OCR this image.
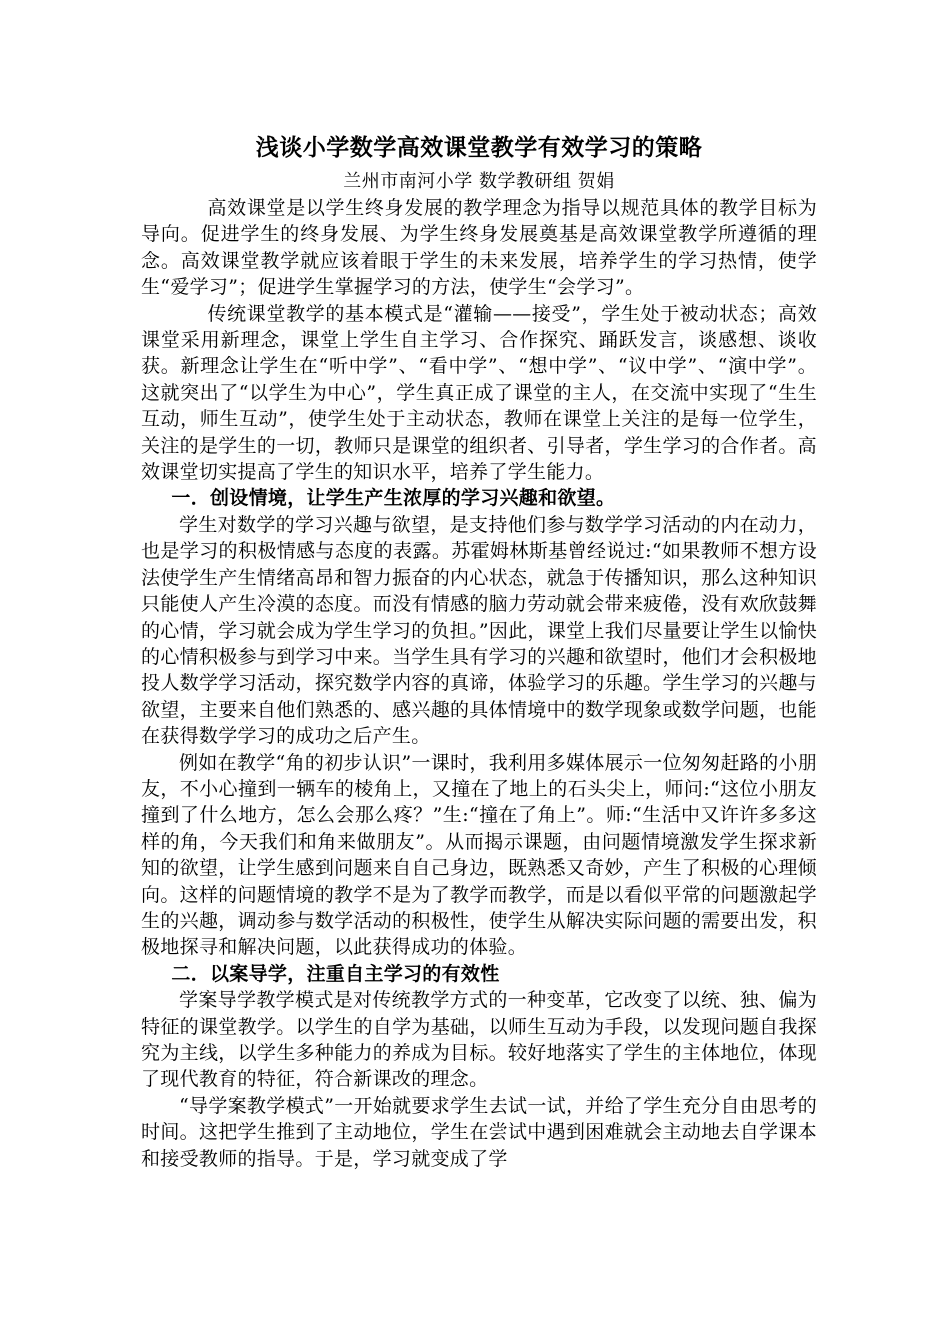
浅谈小学数学高效课堂教学有效学习的策略

兰州市南河小学 数学教研组 贺娟

高效课堂是以学生终身发展的教学理念为指导以规范具体的教学目标为导向。促进学生的终身发展、为学生终身发展奠基是高效课堂教学所遵循的理念。高效课堂教学就应该着眼于学生的未来发展，培养学生的学习热情，使学生“爱学习”；促进学生掌握学习的方法，使学生“会学习”。

传统课堂教学的基本模式是“灌输——接受”，学生处于被动状态；高效课堂采用新理念，课堂上学生自主学习、合作探究、踊跃发言，谈感想、谈收获。新理念让学生在“听中学”、“看中学”、“想中学”、“议中学”、“演中学”。这就突出了“以学生为中心”，学生真正成了课堂的主人，在交流中实现了“生生互动，师生互动”，使学生处于主动状态，教师在课堂上关注的是每一位学生，关注的是学生的一切，教师只是课堂的组织者、引导者，学生学习的合作者。高效课堂切实提高了学生的知识水平，培养了学生能力。

一．创设情境，让学生产生浓厚的学习兴趣和欲望。

学生对数学的学习兴趣与欲望，是支持他们参与数学学习活动的内在动力，也是学习的积极情感与态度的表露。苏霍姆林斯基曾经说过:“如果教师不想方设法使学生产生情绪高昂和智力振奋的内心状态，就急于传播知识，那么这种知识只能使人产生冷漠的态度。而没有情感的脑力劳动就会带来疲倦，没有欢欣鼓舞的心情，学习就会成为学生学习的负担。”因此，课堂上我们尽量要让学生以愉快的心情积极参与到学习中来。当学生具有学习的兴趣和欲望时，他们才会积极地投人数学学习活动，探究数学内容的真谛，体验学习的乐趣。学生学习的兴趣与欲望，主要来自他们熟悉的、感兴趣的具体情境中的数学现象或数学问题，也能在获得数学学习的成功之后产生。

例如在教学“角的初步认识”一课时，我利用多媒体展示一位匆匆赶路的小朋友，不小心撞到一辆车的棱角上，又撞在了地上的石头尖上，师问:“这位小朋友撞到了什么地方，怎么会那么疼？”生:“撞在了角上”。师:“生活中又许许多多这样的角，今天我们和角来做朋友”。从而揭示课题，由问题情境激发学生探求新知的欲望，让学生感到问题来自自己身边，既熟悉又奇妙，产生了积极的心理倾向。这样的问题情境的教学不是为了教学而教学，而是以看似平常的问题激起学生的兴趣，调动参与数学活动的积极性，使学生从解决实际问题的需要出发，积极地探寻和解决问题，以此获得成功的体验。

二．以案导学，注重自主学习的有效性

学案导学教学模式是对传统教学方式的一种变革，它改变了以统、独、偏为特征的课堂教学。以学生的自学为基础，以师生互动为手段，以发现问题自我探究为主线，以学生多种能力的养成为目标。较好地落实了学生的主体地位，体现了现代教育的特征，符合新课改的理念。

“导学案教学模式”一开始就要求学生去试一试，并给了学生充分自由思考的时间。这把学生推到了主动地位，学生在尝试中遇到困难就会主动地去自学课本和接受教师的指导。于是，学习就变成了学
